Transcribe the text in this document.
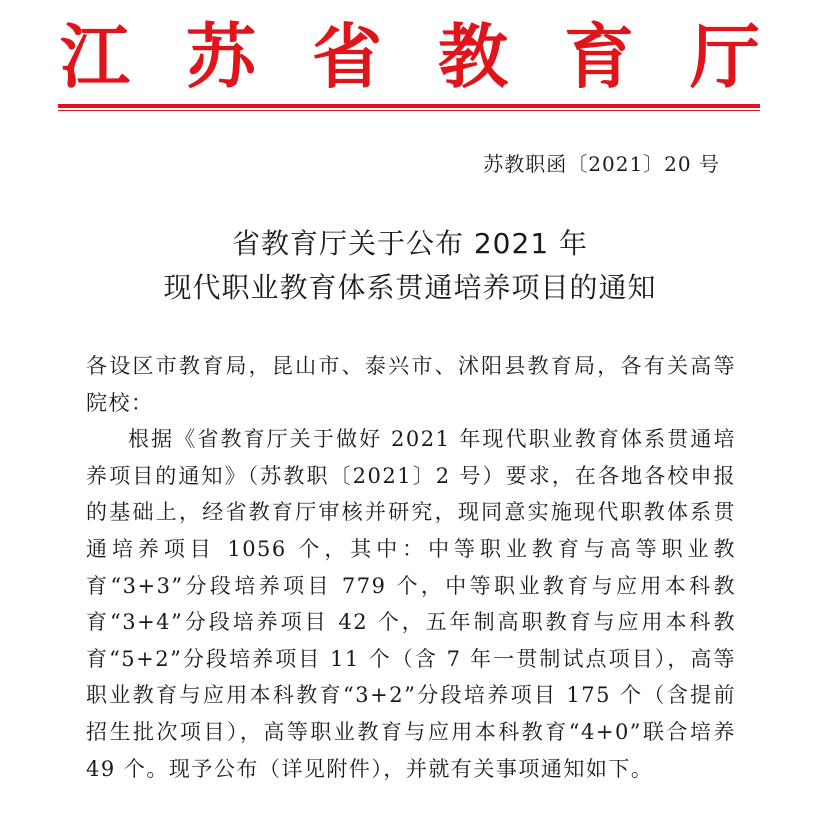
江 苏 省 教 育 厅
苏教职函〔2021〕20 号
省教育厅关于公布 2021 年
现代职业教育体系贯通培养项目的通知

各设区市教育局，昆山市、泰兴市、沭阳县教育局，各有关高等院校：

根据《省教育厅关于做好 2021 年现代职业教育体系贯通培养项目的通知》（苏教职〔2021〕2 号）要求，在各地各校申报的基础上，经省教育厅审核并研究，现同意实施现代职教体系贯通培养项目 1056 个，其中：中等职业教育与高等职业教育“3+3”分段培养项目 779 个，中等职业教育与应用本科教育“3+4”分段培养项目 42 个，五年制高职教育与应用本科教育“5+2”分段培养项目 11 个（含 7 年一贯制试点项目），高等职业教育与应用本科教育“3+2”分段培养项目 175 个（含提前招生批次项目），高等职业教育与应用本科教育“4+0”联合培养 49 个。现予公布（详见附件），并就有关事项通知如下。
